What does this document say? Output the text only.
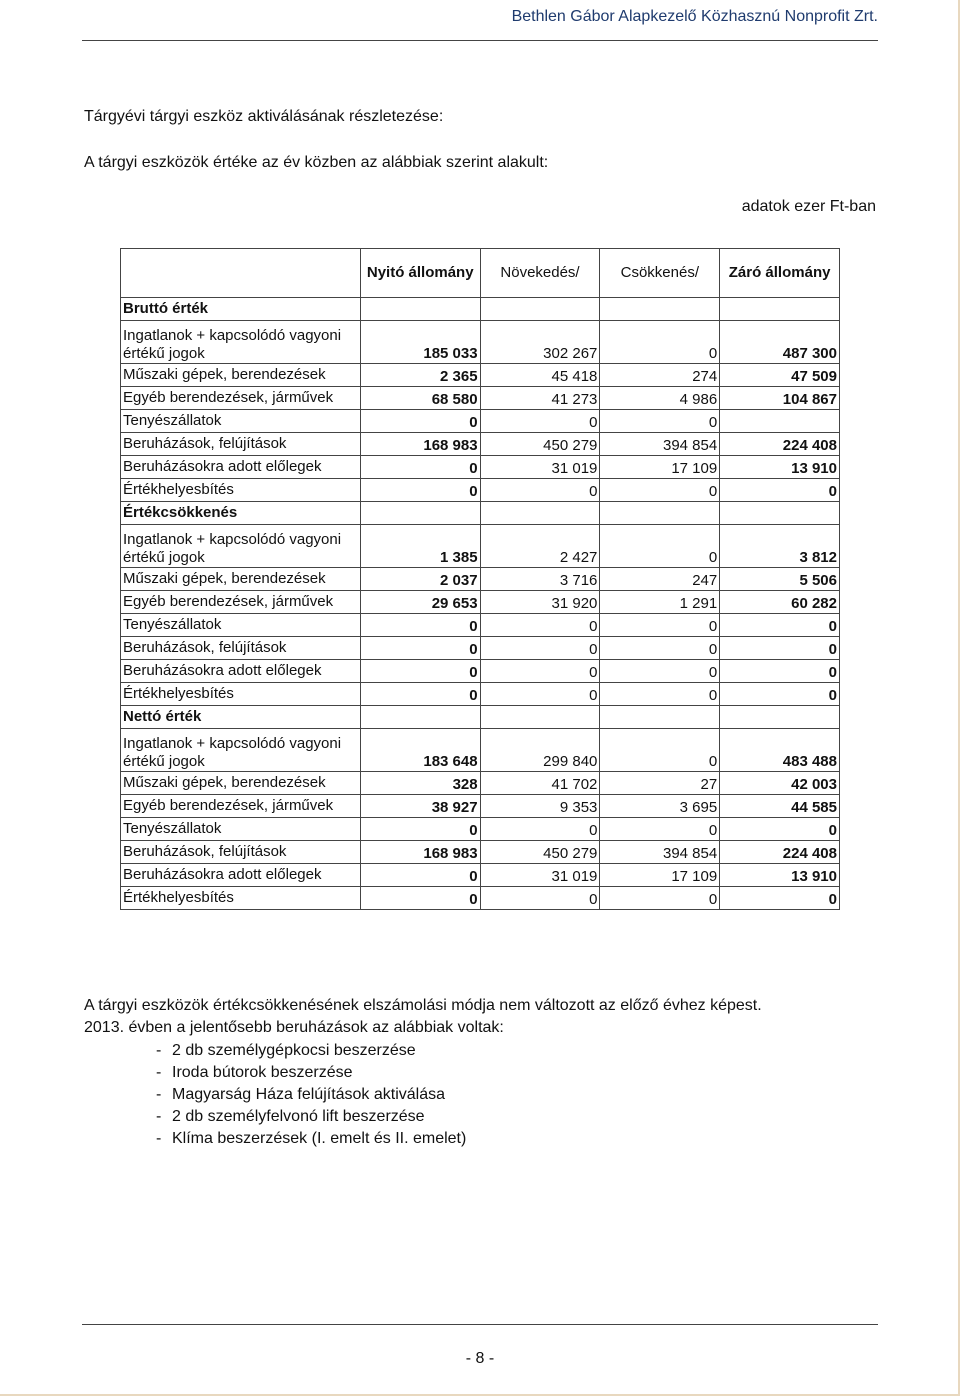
Bethlen Gábor Alapkezelő Közhasznú Nonprofit Zrt.
Tárgyévi tárgyi eszköz aktiválásának részletezése:
A tárgyi eszközök értéke az év közben az alábbiak szerint alakult:
adatok ezer Ft-ban
	Nyitó állomány	Növekedés/	Csökkenés/	Záró állomány
Bruttó érték				
Ingatlanok + kapcsolódó vagyoni értékű jogok	185 033	302 267	0	487 300
Műszaki gépek, berendezések	2 365	45 418	274	47 509
Egyéb berendezések, járművek	68 580	41 273	4 986	104 867
Tenyészállatok	0	0	0	
Beruházások, felújítások	168 983	450 279	394 854	224 408
Beruházásokra adott előlegek	0	31 019	17 109	13 910
Értékhelyesbítés	0	0	0	0
Értékcsökkenés				
Ingatlanok + kapcsolódó vagyoni értékű jogok	1 385	2 427	0	3 812
Műszaki gépek, berendezések	2 037	3 716	247	5 506
Egyéb berendezések, járművek	29 653	31 920	1 291	60 282
Tenyészállatok	0	0	0	0
Beruházások, felújítások	0	0	0	0
Beruházásokra adott előlegek	0	0	0	0
Értékhelyesbítés	0	0	0	0
Nettó érték				
Ingatlanok + kapcsolódó vagyoni értékű jogok	183 648	299 840	0	483 488
Műszaki gépek, berendezések	328	41 702	27	42 003
Egyéb berendezések, járművek	38 927	9 353	3 695	44 585
Tenyészállatok	0	0	0	0
Beruházások, felújítások	168 983	450 279	394 854	224 408
Beruházásokra adott előlegek	0	31 019	17 109	13 910
Értékhelyesbítés	0	0	0	0
A tárgyi eszközök értékcsökkenésének elszámolási módja nem változott az előző évhez képest.
2013. évben a jelentősebb beruházások az alábbiak voltak:
- 2 db személygépkocsi beszerzése
- Iroda bútorok beszerzése
- Magyarság Háza felújítások aktiválása
- 2 db személyfelvonó lift beszerzése
- Klíma beszerzések (I. emelt és II. emelet)
- 8 -
